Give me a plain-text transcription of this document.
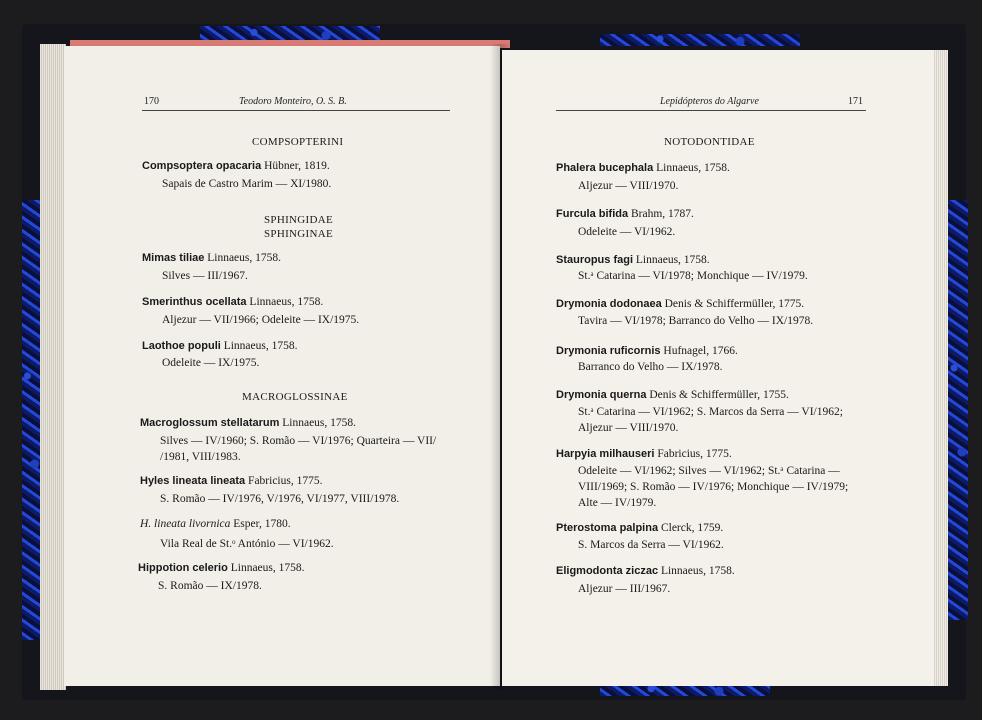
170	Teodoro Monteiro, O. S. B.
COMPSOPTERINI
Compsoptera opacaria Hübner, 1819.
Sapais de Castro Marim — XI/1980.
SPHINGIDAE
SPHINGINAE
Mimas tiliae Linnaeus, 1758.
Silves — III/1967.
Smerinthus ocellata Linnaeus, 1758.
Aljezur — VII/1966; Odeleite — IX/1975.
Laothoe populi Linnaeus, 1758.
Odeleite — IX/1975.
MACROGLOSSINAE
Macroglossum stellatarum Linnaeus, 1758.
Silves — IV/1960; S. Romão — VI/1976; Quarteira — VII/
/1981, VIII/1983.
Hyles lineata lineata Fabricius, 1775.
S. Romão — IV/1976, V/1976, VI/1977, VIII/1978.
H. lineata livornica Esper, 1780.
Vila Real de St.ᵒ António — VI/1962.
Hippotion celerio Linnaeus, 1758.
S. Romão — IX/1978.
Lepidópteros do Algarve	171
NOTODONTIDAE
Phalera bucephala Linnaeus, 1758.
Aljezur — VIII/1970.
Furcula bifida Brahm, 1787.
Odeleite — VI/1962.
Stauropus fagi Linnaeus, 1758.
St.ᵃ Catarina — VI/1978; Monchique — IV/1979.
Drymonia dodonaea Denis & Schiffermüller, 1775.
Tavira — VI/1978; Barranco do Velho — IX/1978.
Drymonia ruficornis Hufnagel, 1766.
Barranco do Velho — IX/1978.
Drymonia querna Denis & Schiffermüller, 1755.
St.ᵃ Catarina — VI/1962; S. Marcos da Serra — VI/1962;
Aljezur — VIII/1970.
Harpyia milhauseri Fabricius, 1775.
Odeleite — VI/1962; Silves — VI/1962; St.ᵃ Catarina —
VIII/1969; S. Romão — IV/1976; Monchique — IV/1979;
Alte — IV/1979.
Pterostoma palpina Clerck, 1759.
S. Marcos da Serra — VI/1962.
Eligmodonta ziczac Linnaeus, 1758.
Aljezur — III/1967.
